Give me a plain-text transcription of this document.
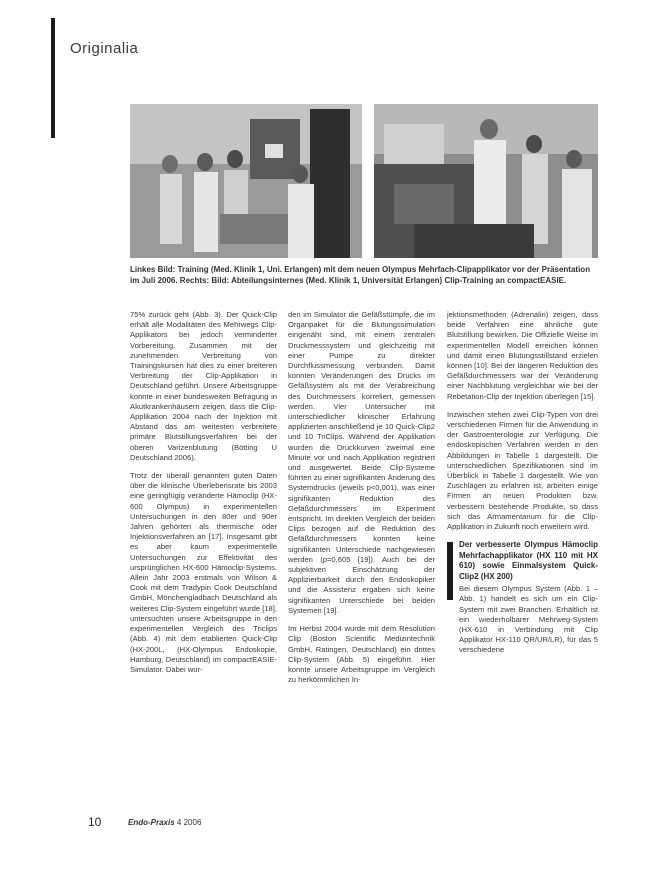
Originalia
Linkes Bild: Training (Med. Klinik 1, Uni. Erlangen) mit dem neuen Olympus Mehrfach-Clipapplikator vor der Präsentation im Juli 2006. Rechts: Bild: Abteilungsinternes (Med. Klinik 1, Universität Erlangen) Clip-Training an compactEASIE.

75% zurück geht (Abb. 3). Der Quick-Clip erhält alle Modalitäten des Mehrwegs Clip-Applikators bei jedoch verminderter Vorbereitung. Zusammen mit der zunehmenden Verbreitung von Trainingskursen hat dies zu einer breiteren Verbreitung der Clip-Applikation in Deutschland geführt. Unsere Arbeitsgruppe konnte in einer bundesweiten Befragung in Akutkrankenhäusern zeigen, dass die Clip-Applikation 2004 nach der Injektion mit Abstand das am weitesten verbreitete primäre Blutstillungsverfahren bei der oberen Varizenblutung (Bötting U Deutschland 2006).

Trotz der überall genannten guten Daten über die klinische Überlebensrate bis 2003 eine geringfügig veränderte Hämoclip (HX-600 Olympus) in experimentellen Untersuchungen in den 80er und 90er Jahren gehörten als thermische oder Injektionsverfahren an [17]. Insgesamt gibt es aber kaum experimentelle Untersuchungen zur Effektivität des ursprünglichen HX-600 Hämoclip-Systems. Allein Jahr 2003 erstmals von Wilson & Cook mit dem Tradypin Cook Deutschland GmbH, Mönchengladbach Deutschland als weiteres Clip-System eingeführt wurde [18], untersuchten unsere Arbeitsgruppe in den experimentellen Vergleich des Triclips (Abb. 4) mit dem etablierten Quick-Clip (HX-200L, (HX-Olympus Endoskopie, Hamburg, Deutschland) im compactEASIE-Simulator. Dabei wur-

den im Simulator die Gefäßstümpfe, die im Organpaket für die Blutungssimulation eingenäht sind, mit einem zentralen Druckmesssystem und gleichzeitig mit einer Pumpe zu direkter Durchflussmessung verbunden. Damit konnten Veränderungen des Drucks im Gefäßsystem als mit der Verabreichung des Durchmessers korreliert, gemessen werden. Vier Untersucher mit unterschiedlicher klinischer Erfahrung applizierten anschließend je 10 Quick-Clip2 und 10 TriClips. Während der Applikation wurden die Druckkurven zweimal eine Minute vor und nach Applikation registriert und ausgewertet. Beide Clip-Systeme führten zu einer signifikanten Änderung des Systemdrucks (jeweils p<0,001), was einer signifikanten Reduktion des Gefäßdurchmessers im Experiment entspricht. Im direkten Vergleich der beiden Clips bezogen auf die Reduktion des Gefäßdurchmessers konnten keine signifikanten Unterschiede nachgewiesen werden (p=0,605 [19]). Auch bei der subjektiven Einschätzung der Applizierbarkeit durch den Endoskopiker und die Assistenz ergaben sich keine signifikanten Unterschiede bei beiden Systemen [19].

Im Herbst 2004 wurde mit dem Resolution Clip (Boston Scientific Medizintechnik GmbH, Ratingen, Deutschland) ein drittes Clip-System (Abb. 5) eingeführt. Hier konnte unsere Arbeitsgruppe im Vergleich zu herkömmlichen In-

jektionsmethoden (Adrenalin) zeigen, dass beide Verfahren eine ähnliche gute Blutstillung bewirken. Die Offizielle Weise im experimentellen Modell erreichen können und damit einen Blutungsstillstand erzielen können [10]. Bei der längeren Reduktion des Gefäßdurchmessers war der Veränderung einer Nachblutung vergleichbar wie bei der Rebetation-Clip der Injektion überlegen [15].

Inzwischen stehen zwei Clip-Typen von drei verschiedenen Firmen für die Anwendung in der Gastroenterologie zur Verfügung. Die endoskopischen Verfahren werden in den Abbildungen in Tabelle 1 dargestellt. Die unterschiedlichen Spezifikationen sind im Überblick in Tabelle 1 dargestellt. Wie von Zuschlägen zu erfahren ist, arbeiten einige Firmen an neuen Produkten bzw. verbessern bestehende Produkte, so dass sich das Armamentarium für die Clip-Applikation in Zukunft noch erweitern wird.

Der verbesserte Olympus Hämoclip Mehrfachapplikator (HX 110 mit HX 610) sowie Einmalsystem Quick-Clip2 (HX 200)
Bei diesem Olympus System (Abb. 1 – Abb. 1) handelt es sich um ein Clip-System mit zwei Branchen. Erhältlich ist ein wiederholbarer Mehrweg-System (HX-610 in Verbindung mit Clip Applikator HX-110 QR/UR/LR), für das 5 verschiedene
10	Endo-Praxis 4 2006
